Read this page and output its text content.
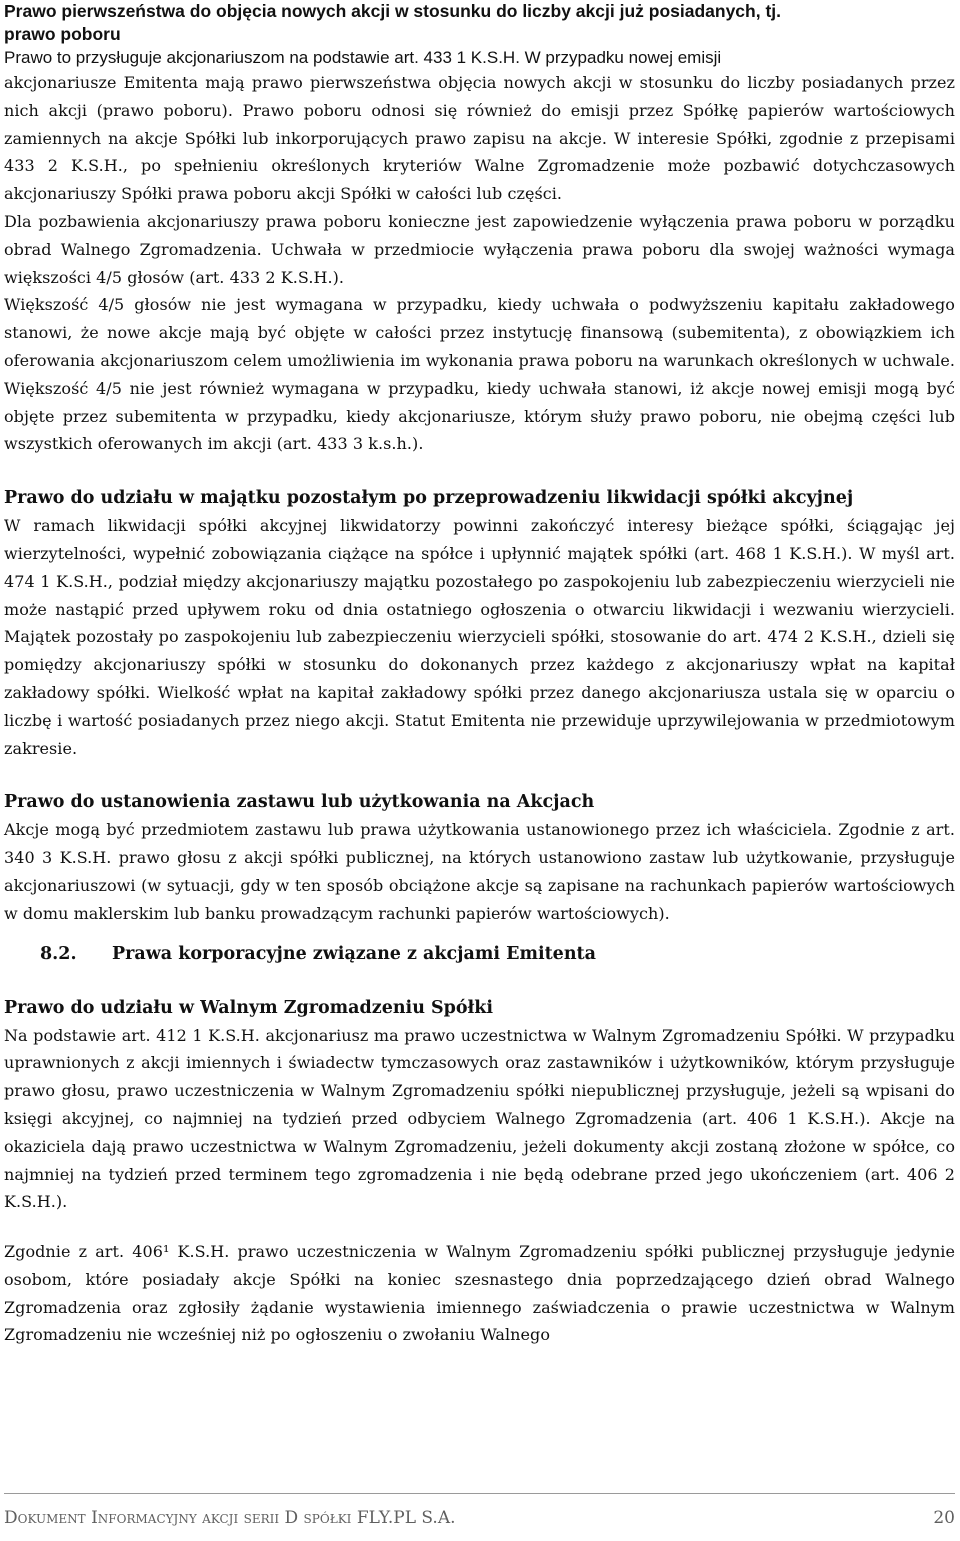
Prawo pierwszeństwa do objęcia nowych akcji w stosunku do liczby akcji już posiadanych, tj.
prawo poboru
Prawo to przysługuje akcjonariuszom na podstawie art. 433 1 K.S.H. W przypadku nowej emisji

akcjonariusze Emitenta mają prawo pierwszeństwa objęcia nowych akcji w stosunku do liczby posiadanych przez nich akcji (prawo poboru). Prawo poboru odnosi się również do emisji przez Spółkę papierów wartościowych zamiennych na akcje Spółki lub inkorporujących prawo zapisu na akcje. W interesie Spółki, zgodnie z przepisami 433 2 K.S.H., po spełnieniu określonych kryteriów Walne Zgromadzenie może pozbawić dotychczasowych akcjonariuszy Spółki prawa poboru akcji Spółki w całości lub części.

Dla pozbawienia akcjonariuszy prawa poboru konieczne jest zapowiedzenie wyłączenia prawa poboru w porządku obrad Walnego Zgromadzenia. Uchwała w przedmiocie wyłączenia prawa poboru dla swojej ważności wymaga większości 4/5 głosów (art. 433 2 K.S.H.).

Większość 4/5 głosów nie jest wymagana w przypadku, kiedy uchwała o podwyższeniu kapitału zakładowego stanowi, że nowe akcje mają być objęte w całości przez instytucję finansową (subemitenta), z obowiązkiem ich oferowania akcjonariuszom celem umożliwienia im wykonania prawa poboru na warunkach określonych w uchwale. Większość 4/5 nie jest również wymagana w przypadku, kiedy uchwała stanowi, iż akcje nowej emisji mogą być objęte przez subemitenta w przypadku, kiedy akcjonariusze, którym służy prawo poboru, nie obejmą części lub wszystkich oferowanych im akcji (art. 433 3 k.s.h.).

Prawo do udziału w majątku pozostałym po przeprowadzeniu likwidacji spółki akcyjnej

W ramach likwidacji spółki akcyjnej likwidatorzy powinni zakończyć interesy bieżące spółki, ściągając jej wierzytelności, wypełnić zobowiązania ciążące na spółce i upłynnić majątek spółki (art. 468 1 K.S.H.). W myśl art. 474 1 K.S.H., podział między akcjonariuszy majątku pozostałego po zaspokojeniu lub zabezpieczeniu wierzycieli nie może nastąpić przed upływem roku od dnia ostatniego ogłoszenia o otwarciu likwidacji i wezwaniu wierzycieli. Majątek pozostały po zaspokojeniu lub zabezpieczeniu wierzycieli spółki, stosowanie do art. 474 2 K.S.H., dzieli się pomiędzy akcjonariuszy spółki w stosunku do dokonanych przez każdego z akcjonariuszy wpłat na kapitał zakładowy spółki. Wielkość wpłat na kapitał zakładowy spółki przez danego akcjonariusza ustala się w oparciu o liczbę i wartość posiadanych przez niego akcji. Statut Emitenta nie przewiduje uprzywilejowania w przedmiotowym zakresie.

Prawo do ustanowienia zastawu lub użytkowania na Akcjach

Akcje mogą być przedmiotem zastawu lub prawa użytkowania ustanowionego przez ich właściciela. Zgodnie z art. 340 3 K.S.H. prawo głosu z akcji spółki publicznej, na których ustanowiono zastaw lub użytkowanie, przysługuje akcjonariuszowi (w sytuacji, gdy w ten sposób obciążone akcje są zapisane na rachunkach papierów wartościowych w domu maklerskim lub banku prowadzącym rachunki papierów wartościowych).

8.2.	Prawa korporacyjne związane z akcjami Emitenta
Prawo do udziału w Walnym Zgromadzeniu Spółki

Na podstawie art. 412 1 K.S.H. akcjonariusz ma prawo uczestnictwa w Walnym Zgromadzeniu Spółki. W przypadku uprawnionych z akcji imiennych i świadectw tymczasowych oraz zastawników i użytkowników, którym przysługuje prawo głosu, prawo uczestniczenia w Walnym Zgromadzeniu spółki niepublicznej przysługuje, jeżeli są wpisani do księgi akcyjnej, co najmniej na tydzień przed odbyciem Walnego Zgromadzenia (art. 406 1 K.S.H.). Akcje na okaziciela dają prawo uczestnictwa w Walnym Zgromadzeniu, jeżeli dokumenty akcji zostaną złożone w spółce, co najmniej na tydzień przed terminem tego zgromadzenia i nie będą odebrane przed jego ukończeniem (art. 406 2 K.S.H.).

Zgodnie z art. 406¹ K.S.H. prawo uczestniczenia w Walnym Zgromadzeniu spółki publicznej przysługuje jedynie osobom, które posiadały akcje Spółki na koniec szesnastego dnia poprzedzającego dzień obrad Walnego Zgromadzenia oraz zgłosiły żądanie wystawienia imiennego zaświadczenia o prawie uczestnictwa w Walnym Zgromadzeniu nie wcześniej niż po ogłoszeniu o zwołaniu Walnego

Dokument Informacyjny akcji serii D spółki FLY.PL S.A.	20
